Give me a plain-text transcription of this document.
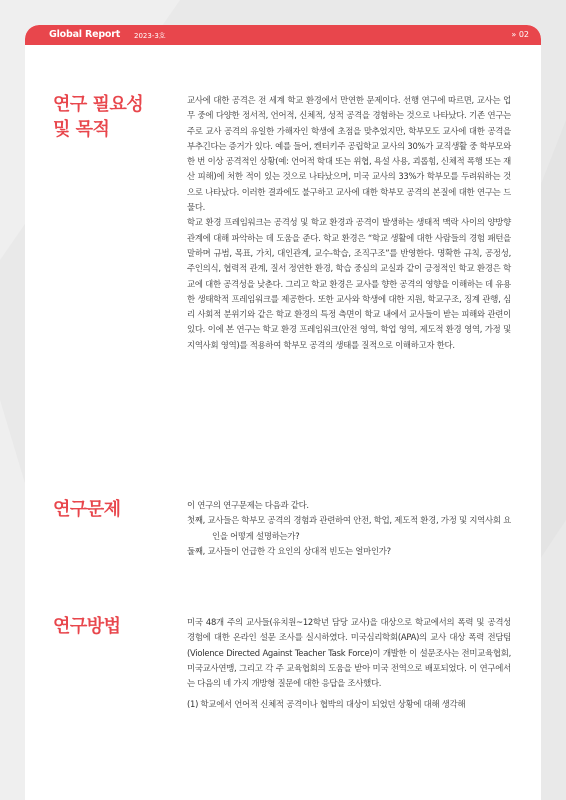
Global Report 2023-3호	» 02
연구 필요성
및 목적

교사에 대한 공격은 전 세계 학교 환경에서 만연한 문제이다. 선행 연구에 따르면, 교사는 업무 중에 다양한 정서적, 언어적, 신체적, 성적 공격을 경험하는 것으로 나타났다. 기존 연구는 주로 교사 공격의 유일한 가해자인 학생에 초점을 맞추었지만, 학부모도 교사에 대한 공격을 부추긴다는 증거가 있다. 예를 들어, 켄터키주 공립학교 교사의 30%가 교직생활 중 학부모와 한 번 이상 공격적인 상황(예: 언어적 학대 또는 위협, 욕설 사용, 괴롭힘, 신체적 폭행 또는 재산 피해)에 처한 적이 있는 것으로 나타났으며, 미국 교사의 33%가 학부모를 두려워하는 것으로 나타났다. 이러한 결과에도 불구하고 교사에 대한 학부모 공격의 본질에 대한 연구는 드물다.

학교 환경 프레임워크는 공격성 및 학교 환경과 공격이 발생하는 생태적 맥락 사이의 양방향 관계에 대해 파악하는 데 도움을 준다. 학교 환경은 “학교 생활에 대한 사람들의 경험 패턴을 말하며 규범, 목표, 가치, 대인관계, 교수-학습, 조직구조”를 반영한다. 명확한 규칙, 공정성, 주인의식, 협력적 관계, 질서 정연한 환경, 학습 중심의 교실과 같이 긍정적인 학교 환경은 학교에 대한 공격성을 낮춘다. 그리고 학교 환경은 교사를 향한 공격의 영향을 이해하는 데 유용한 생태학적 프레임워크를 제공한다. 또한 교사와 학생에 대한 지원, 학교구조, 징계 관행, 심리 사회적 분위기와 같은 학교 환경의 특정 측면이 학교 내에서 교사들이 받는 피해와 관련이 있다. 이에 본 연구는 학교 환경 프레임워크(안전 영역, 학업 영역, 제도적 환경 영역, 가정 및 지역사회 영역)를 적용하여 학부모 공격의 생태를 질적으로 이해하고자 한다.

연구문제	이 연구의 연구문제는 다음과 같다.

첫째, 교사들은 학부모 공격의 경험과 관련하여 안전, 학업, 제도적 환경, 가정 및 지역사회 요인을 어떻게 설명하는가?

둘째, 교사들이 언급한 각 요인의 상대적 빈도는 얼마인가?

연구방법	미국 48개 주의 교사들(유치원~12학년 담당 교사)을 대상으로 학교에서의 폭력 및 공격성 경험에 대한 온라인 설문 조사를 실시하였다. 미국심리학회(APA)의 교사 대상 폭력 전담팀(Violence Directed Against Teacher Task Force)이 개발한 이 설문조사는 전미교육협회, 미국교사연맹, 그리고 각 주 교육협회의 도움을 받아 미국 전역으로 배포되었다. 이 연구에서는 다음의 네 가지 개방형 질문에 대한 응답을 조사했다.

(1) 학교에서 언어적 신체적 공격이나 협박의 대상이 되었던 상황에 대해 생각해
